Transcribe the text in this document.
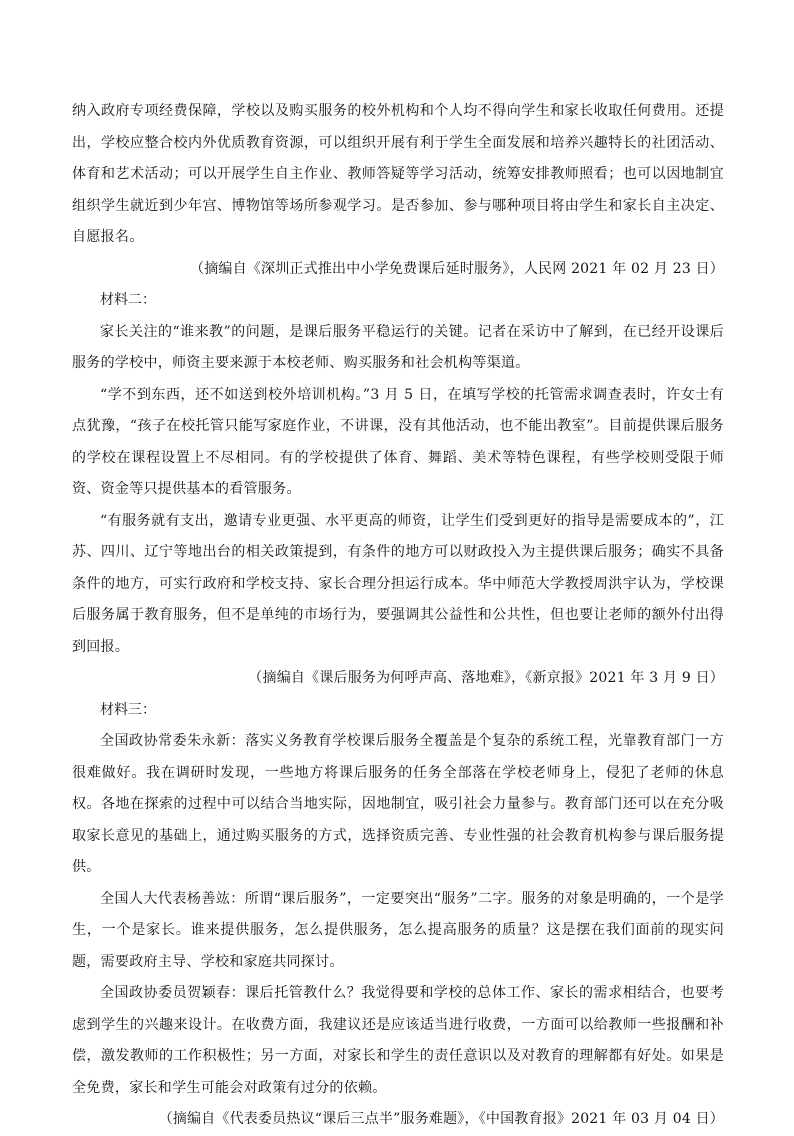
纳入政府专项经费保障，学校以及购买服务的校外机构和个人均不得向学生和家长收取任何费用。还提出，学校应整合校内外优质教育资源，可以组织开展有利于学生全面发展和培养兴趣特长的社团活动、体育和艺术活动；可以开展学生自主作业、教师答疑等学习活动，统筹安排教师照看；也可以因地制宜组织学生就近到少年宫、博物馆等场所参观学习。是否参加、参与哪种项目将由学生和家长自主决定、自愿报名。

（摘编自《深圳正式推出中小学免费课后延时服务》，人民网 2021 年 02 月 23 日）

材料二：

家长关注的“谁来教”的问题，是课后服务平稳运行的关键。记者在采访中了解到，在已经开设课后服务的学校中，师资主要来源于本校老师、购买服务和社会机构等渠道。

“学不到东西，还不如送到校外培训机构。”3 月 5 日，在填写学校的托管需求调查表时，许女士有点犹豫，“孩子在校托管只能写家庭作业，不讲课，没有其他活动，也不能出教室”。目前提供课后服务的学校在课程设置上不尽相同。有的学校提供了体育、舞蹈、美术等特色课程，有些学校则受限于师资、资金等只提供基本的看管服务。

“有服务就有支出，邀请专业更强、水平更高的师资，让学生们受到更好的指导是需要成本的”，江苏、四川、辽宁等地出台的相关政策提到，有条件的地方可以财政投入为主提供课后服务；确实不具备条件的地方，可实行政府和学校支持、家长合理分担运行成本。华中师范大学教授周洪宇认为，学校课后服务属于教育服务，但不是单纯的市场行为，要强调其公益性和公共性，但也要让老师的额外付出得到回报。

（摘编自《课后服务为何呼声高、落地难》，《新京报》2021 年 3 月 9 日）

材料三：

全国政协常委朱永新：落实义务教育学校课后服务全覆盖是个复杂的系统工程，光靠教育部门一方很难做好。我在调研时发现，一些地方将课后服务的任务全部落在学校老师身上，侵犯了老师的休息权。各地在探索的过程中可以结合当地实际，因地制宜，吸引社会力量参与。教育部门还可以在充分吸取家长意见的基础上，通过购买服务的方式，选择资质完善、专业性强的社会教育机构参与课后服务提供。

全国人大代表杨善竑：所谓“课后服务”，一定要突出“服务”二字。服务的对象是明确的，一个是学生，一个是家长。谁来提供服务，怎么提供服务，怎么提高服务的质量？这是摆在我们面前的现实问题，需要政府主导、学校和家庭共同探讨。

全国政协委员贺颖春：课后托管教什么？我觉得要和学校的总体工作、家长的需求相结合，也要考虑到学生的兴趣来设计。在收费方面，我建议还是应该适当进行收费，一方面可以给教师一些报酬和补偿，激发教师的工作积极性；另一方面，对家长和学生的责任意识以及对教育的理解都有好处。如果是全免费，家长和学生可能会对政策有过分的依赖。

（摘编自《代表委员热议“课后三点半”服务难题》，《中国教育报》2021 年 03 月 04 日）
